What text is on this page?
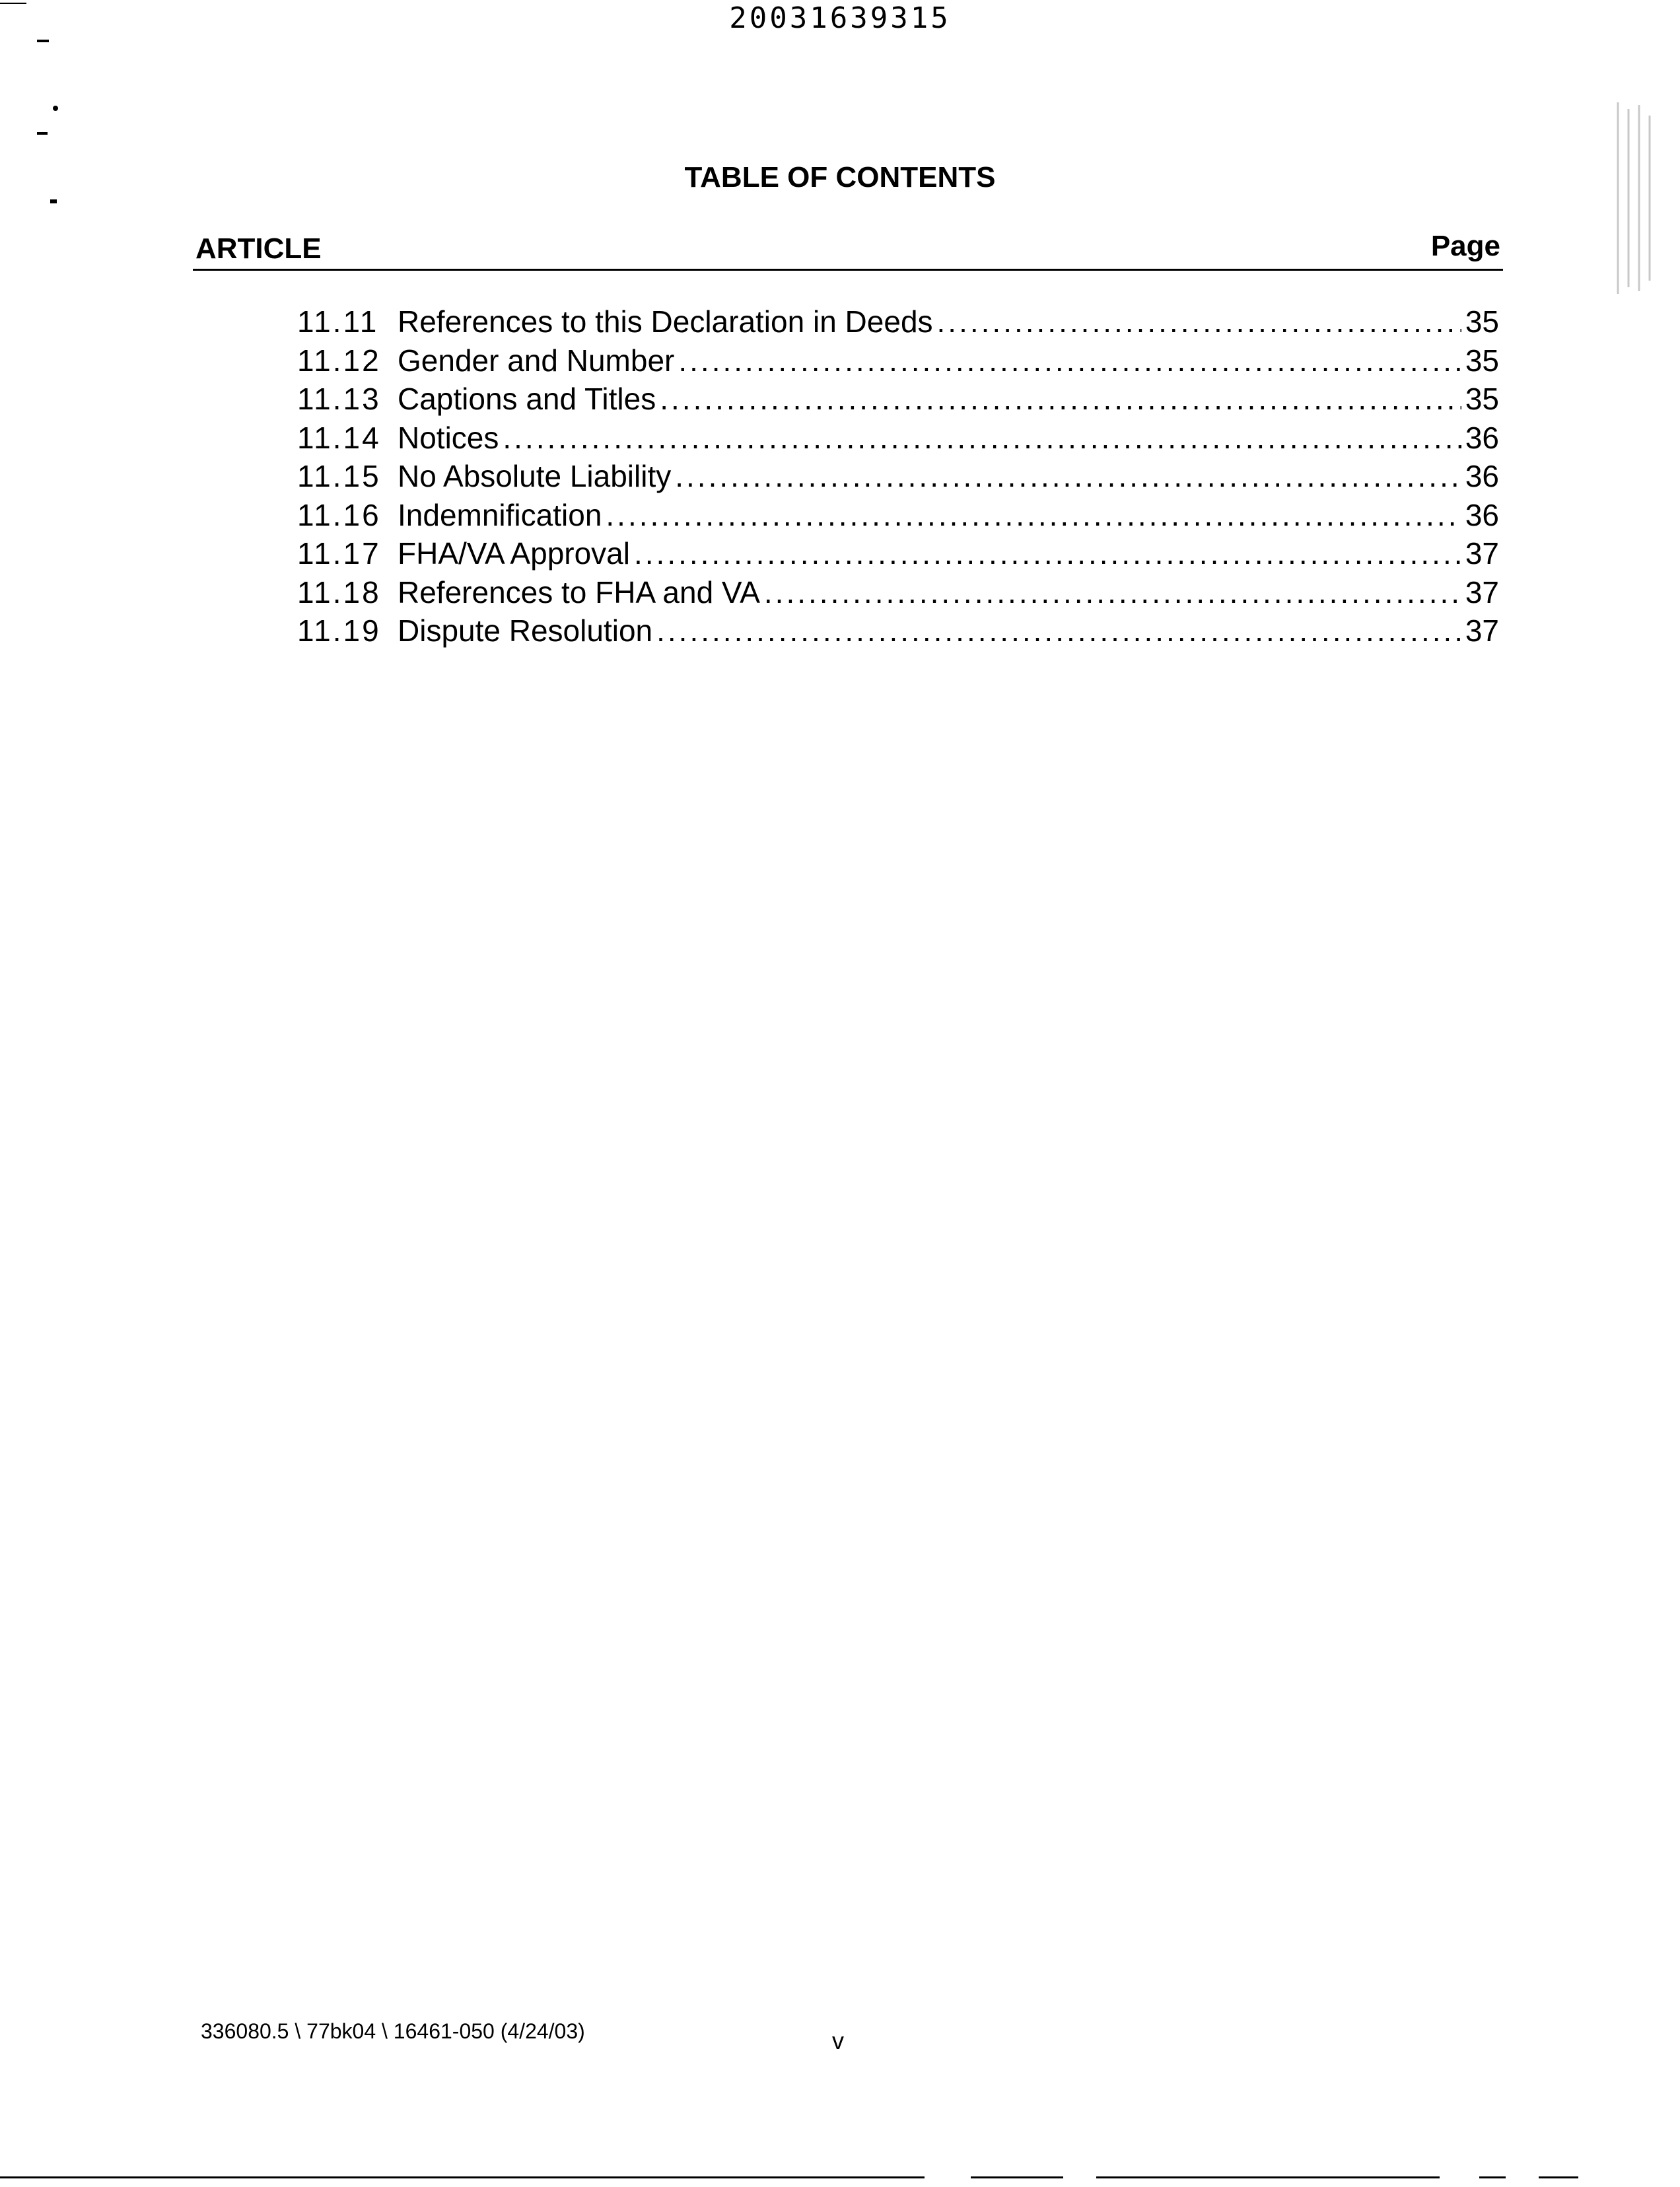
20031639315
TABLE OF CONTENTS
ARTICLE	Page
11.11 References to this Declaration in Deeds .....	35
11.12 Gender and Number .....	35
11.13 Captions and Titles .....	35
11.14 Notices .....	36
11.15 No Absolute Liability .....	36
11.16 Indemnification .....	36
11.17 FHA/VA Approval .....	37
11.18 References to FHA and VA .....	37
11.19 Dispute Resolution .....	37
336080.5 \ 77bk04 \ 16461-050 (4/24/03)	v
